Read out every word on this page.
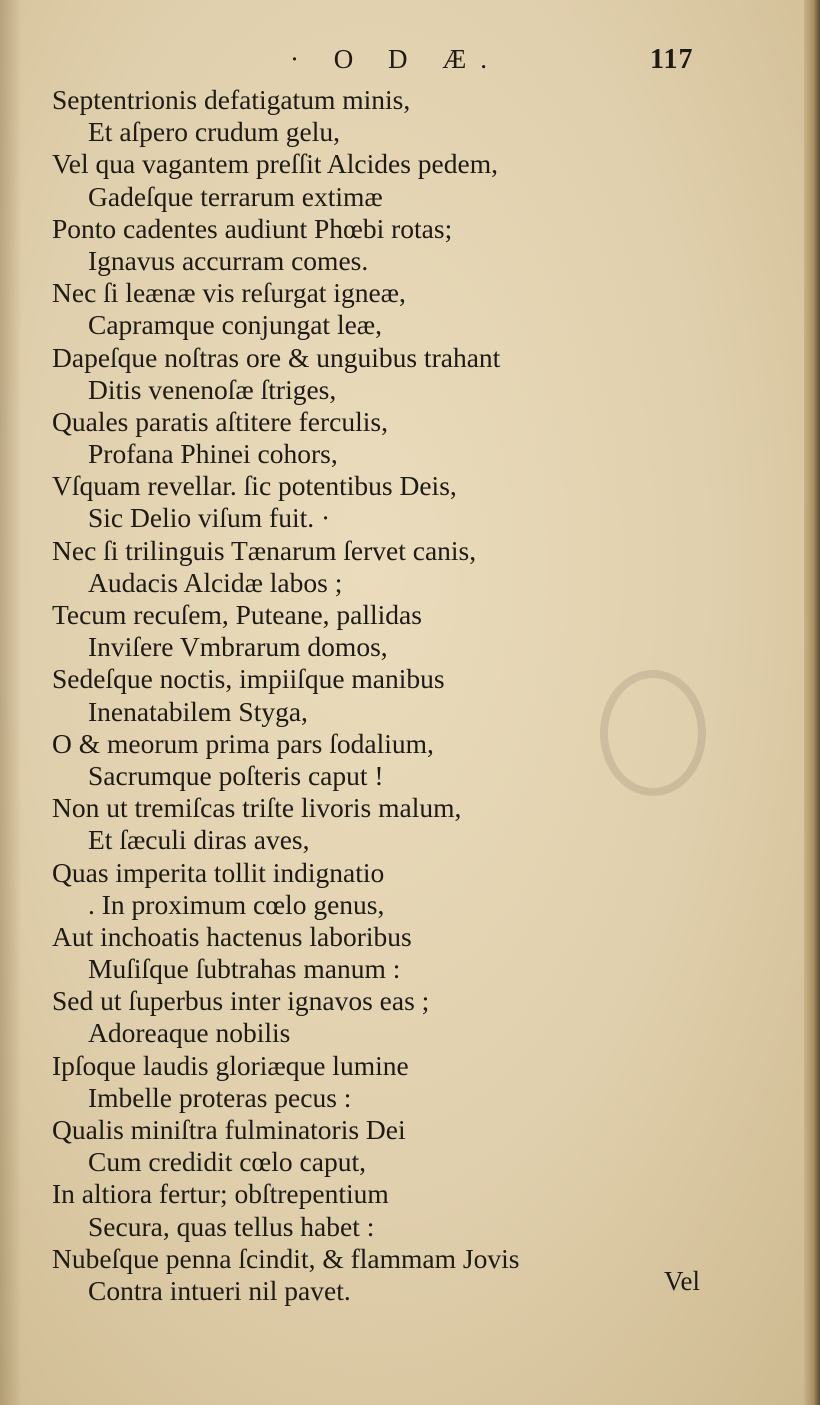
· O D Æ.	117
Septentrionis defatigatum minis,
Et aſpero crudum gelu,
Vel qua vagantem preſſit Alcides pedem,
Gadeſque terrarum extimæ
Ponto cadentes audiunt Phœbi rotas;
Ignavus accurram comes.
Nec ſi leænæ vis reſurgat igneæ,
Capramque conjungat leæ,
Dapeſque noſtras ore & unguibus trahant
Ditis venenoſæ ſtriges,
Quales paratis aſtitere ferculis,
Profana Phinei cohors,
Vſquam revellar. ſic potentibus Deis,
Sic Delio viſum fuit. ·
Nec ſi trilinguis Tænarum ſervet canis,
Audacis Alcidæ labos ;
Tecum recuſem, Puteane, pallidas
Inviſere Vmbrarum domos,
Sedeſque noctis, impiiſque manibus
Inenatabilem Styga,
O & meorum prima pars ſodalium,
Sacrumque poſteris caput !
Non ut tremiſcas triſte livoris malum,
Et ſæculi diras aves,
Quas imperita tollit indignatio
. In proximum cœlo genus,
Aut inchoatis hactenus laboribus
Muſiſque ſubtrahas manum :
Sed ut ſuperbus inter ignavos eas ;
Adoreaque nobilis
Ipſoque laudis gloriæque lumine
Imbelle proteras pecus :
Qualis miniſtra fulminatoris Dei
Cum credidit cœlo caput,
In altiora fertur; obſtrepentium
Secura, quas tellus habet :
Nubeſque penna ſcindit, & flammam Jovis
Contra intueri nil pavet.	Vel
